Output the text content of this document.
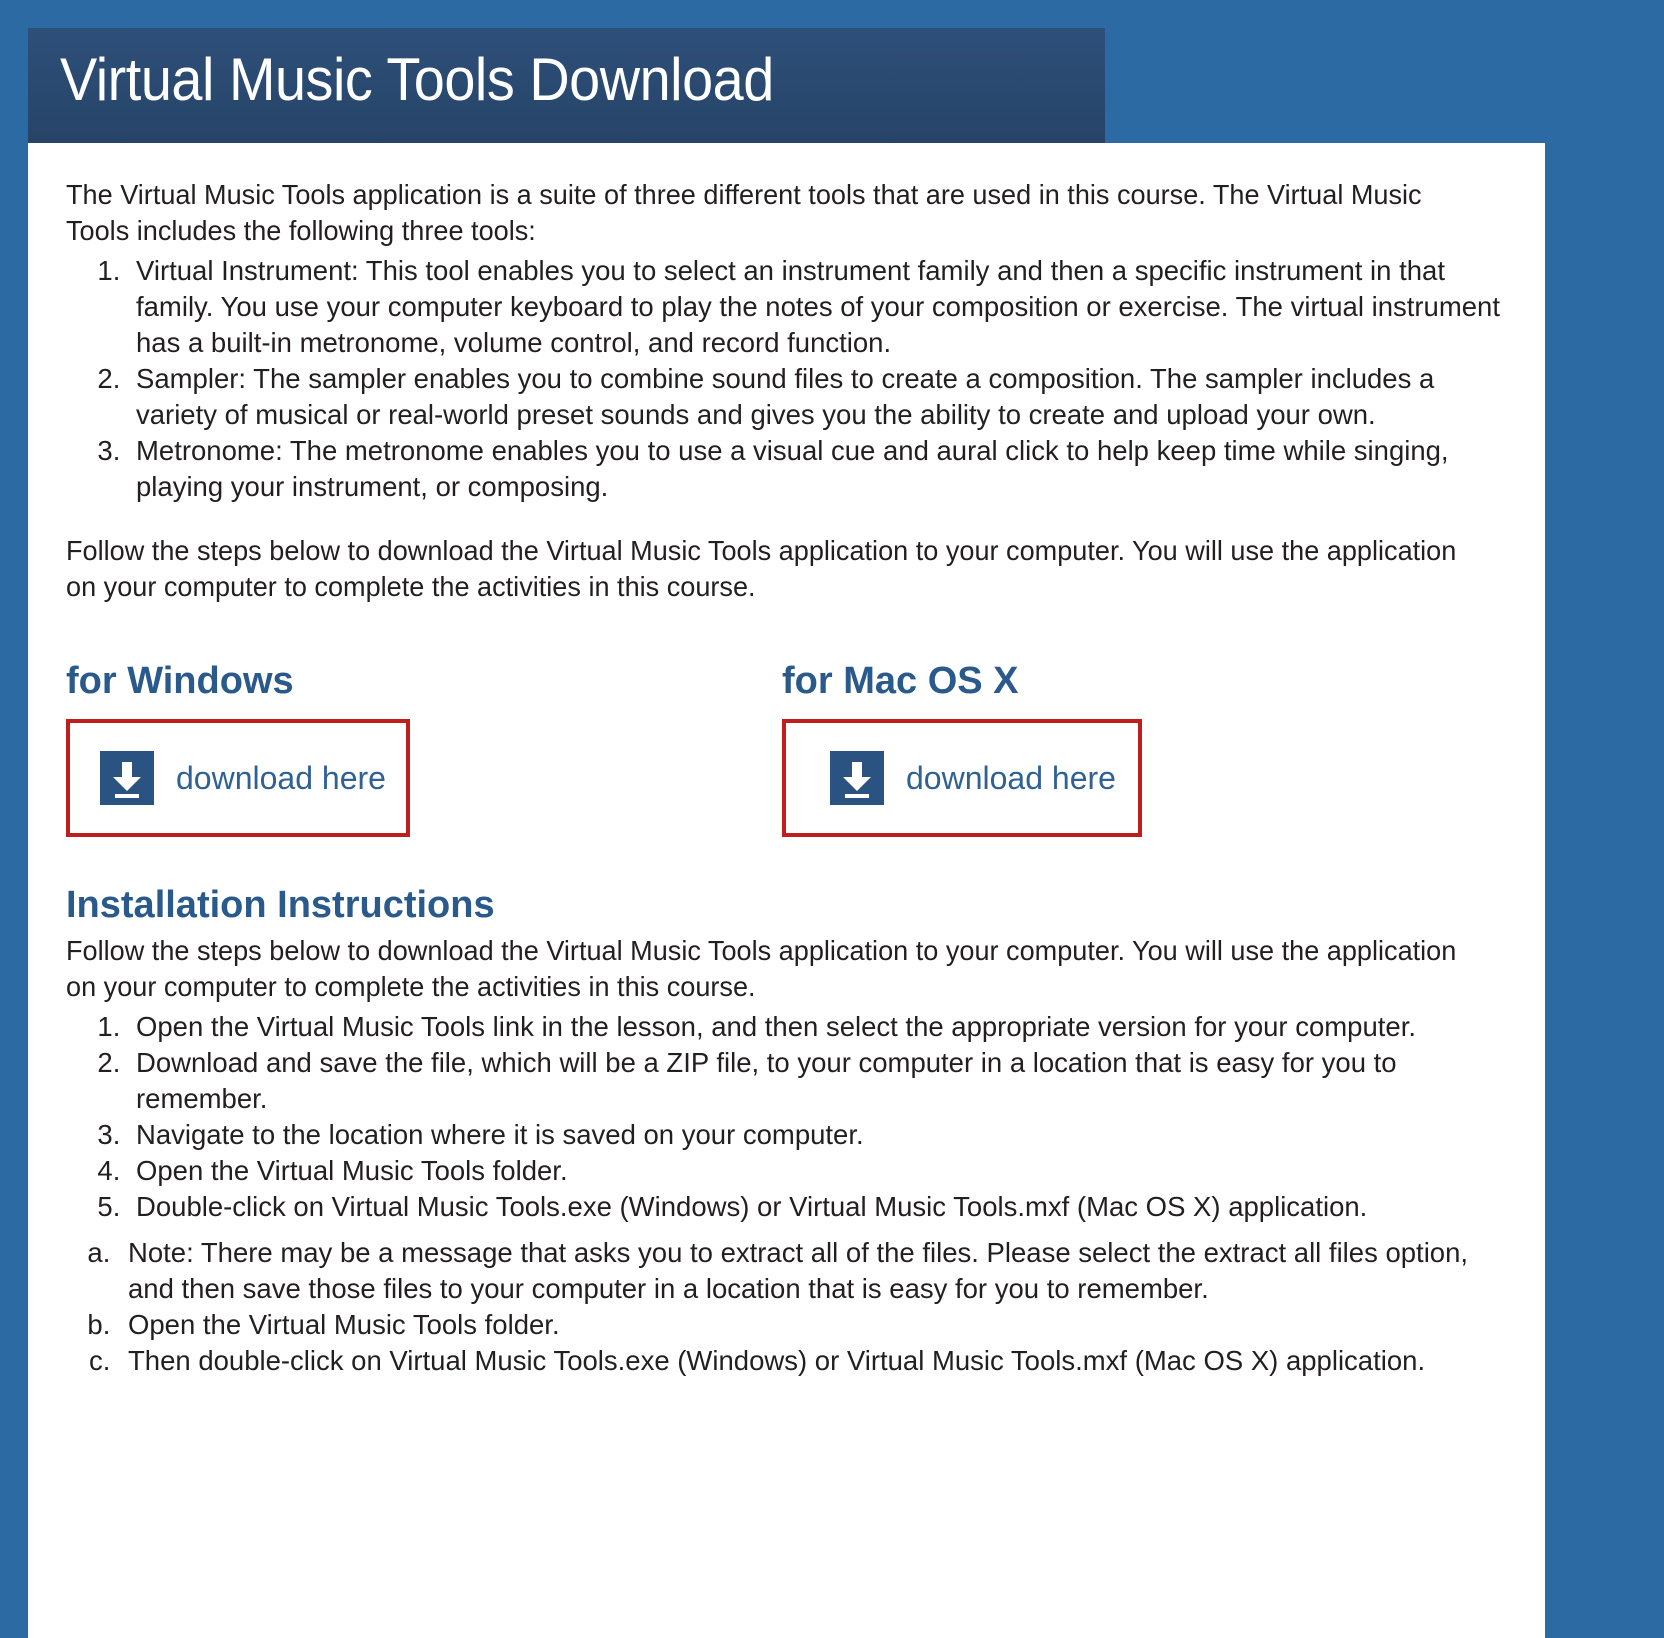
Virtual Music Tools Download

The Virtual Music Tools application is a suite of three different tools that are used in this course. The Virtual Music Tools includes the following three tools:

1. Virtual Instrument: This tool enables you to select an instrument family and then a specific instrument in that family. You use your computer keyboard to play the notes of your composition or exercise. The virtual instrument has a built-in metronome, volume control, and record function.
2. Sampler: The sampler enables you to combine sound files to create a composition. The sampler includes a variety of musical or real-world preset sounds and gives you the ability to create and upload your own.
3. Metronome: The metronome enables you to use a visual cue and aural click to help keep time while singing, playing your instrument, or composing.

Follow the steps below to download the Virtual Music Tools application to your computer. You will use the application on your computer to complete the activities in this course.

for Windows
download here
for Mac OS X
download here
Installation Instructions

Follow the steps below to download the Virtual Music Tools application to your computer. You will use the application on your computer to complete the activities in this course.

1. Open the Virtual Music Tools link in the lesson, and then select the appropriate version for your computer.
2. Download and save the file, which will be a ZIP file, to your computer in a location that is easy for you to remember.
3. Navigate to the location where it is saved on your computer.
4. Open the Virtual Music Tools folder.
5. Double-click on Virtual Music Tools.exe (Windows) or Virtual Music Tools.mxf (Mac OS X) application.
a. Note: There may be a message that asks you to extract all of the files. Please select the extract all files option, and then save those files to your computer in a location that is easy for you to remember.
b. Open the Virtual Music Tools folder.
c. Then double-click on Virtual Music Tools.exe (Windows) or Virtual Music Tools.mxf (Mac OS X) application.
